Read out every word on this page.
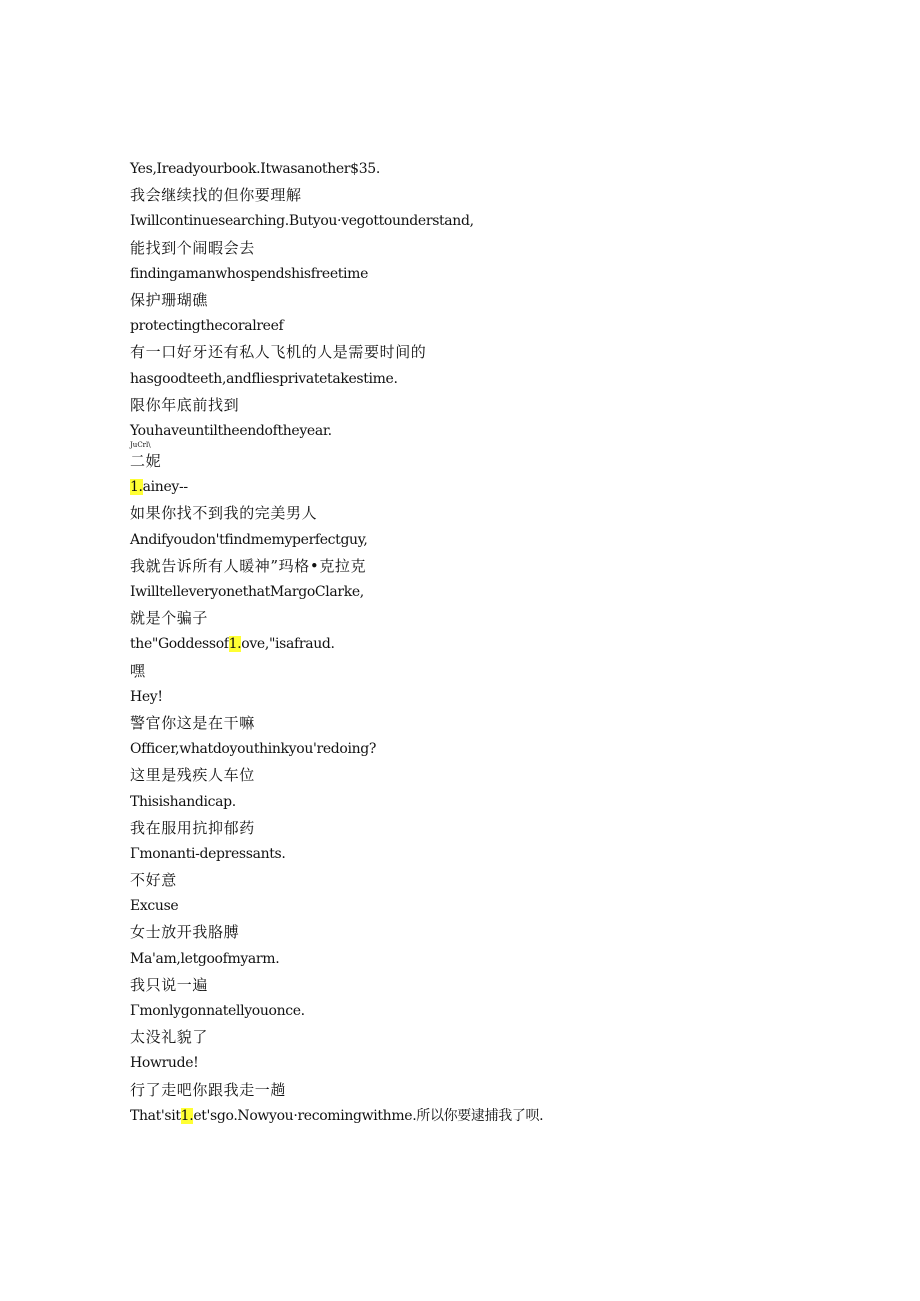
Yes,Ireadyourbook.Itwasanother$35.
我会继续找的但你要理解
Iwillcontinuesearching.Butyou·vegottounderstand,
能找到个闹暇会去
findingamanwhospendshisfreetime
保护珊瑚礁
protectingthecoralreef
有一口好牙还有私人飞机的人是需要时间的
hasgoodteeth,andfliesprivatetakestime.
限你年底前找到
Youhaveuntiltheendoftheyear.
JuCrl\
二妮
1.ainey--
如果你找不到我的完美男人
Andifyoudon'tfindmemyperfectguy,
我就告诉所有人暖神”玛格•克拉克
IwilltelleveryonethatMargoClarke,
就是个骗子
the"Goddessof1.ove,"isafraud.
嘿
Hey!
警官你这是在干嘛
Officer,whatdoyouthinkyou'redoing?
这里是残疾人车位
Thisishandicap.
我在服用抗抑郁药
Γmonanti-depressants.
不好意
Excuse
女士放开我胳膊
Ma'am,letgoofmyarm.
我只说一遍
Γmonlygonnatellyouonce.
太没礼貌了
Howrude!
行了走吧你跟我走一趟
That'sit1.et'sgo.Nowyou·recomingwithme.所以你要逮捕我了呗.
